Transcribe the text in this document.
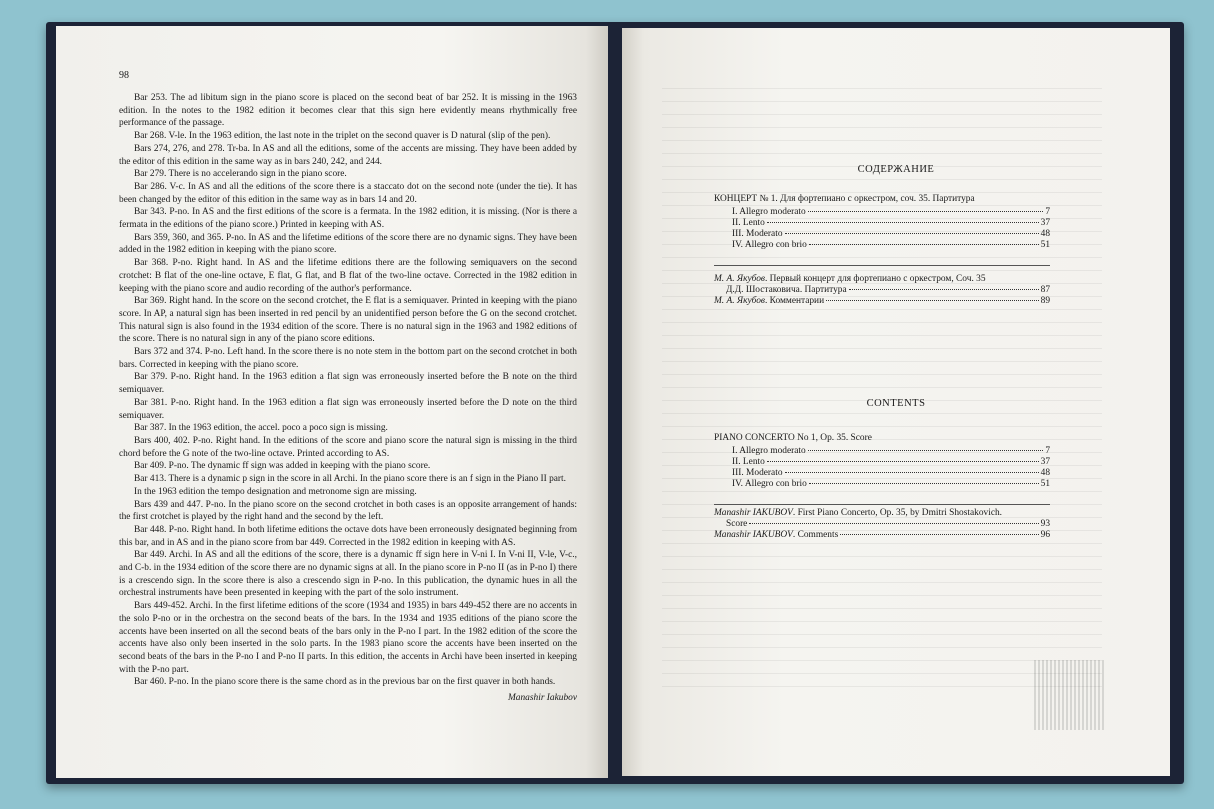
98

Bar 253. The ad libitum sign in the piano score is placed on the second beat of bar 252. It is missing in the 1963 edition. In the notes to the 1982 edition it becomes clear that this sign here evidently means rhythmically free performance of the passage.

Bar 268. V-le. In the 1963 edition, the last note in the triplet on the second quaver is D natural (slip of the pen).

Bars 274, 276, and 278. Tr-ba. In AS and all the editions, some of the accents are missing. They have been added by the editor of this edition in the same way as in bars 240, 242, and 244.

Bar 279. There is no accelerando sign in the piano score.

Bar 286. V-c. In AS and all the editions of the score there is a staccato dot on the second note (under the tie). It has been changed by the editor of this edition in the same way as in bars 14 and 20.

Bar 343. P-no. In AS and the first editions of the score is a fermata. In the 1982 edition, it is missing. (Nor is there a fermata in the editions of the piano score.) Printed in keeping with AS.

Bars 359, 360, and 365. P-no. In AS and the lifetime editions of the score there are no dynamic signs. They have been added in the 1982 edition in keeping with the piano score.

Bar 368. P-no. Right hand. In AS and the lifetime editions there are the following semiquavers on the second crotchet: B flat of the one-line octave, E flat, G flat, and B flat of the two-line octave. Corrected in the 1982 edition in keeping with the piano score and audio recording of the author's performance.

Bar 369. Right hand. In the score on the second crotchet, the E flat is a semiquaver. Printed in keeping with the piano score. In AP, a natural sign has been inserted in red pencil by an unidentified person before the G on the second crotchet. This natural sign is also found in the 1934 edition of the score. There is no natural sign in the 1963 and 1982 editions of the score. There is no natural sign in any of the piano score editions.

Bars 372 and 374. P-no. Left hand. In the score there is no note stem in the bottom part on the second crotchet in both bars. Corrected in keeping with the piano score.

Bar 379. P-no. Right hand. In the 1963 edition a flat sign was erroneously inserted before the B note on the third semiquaver.

Bar 381. P-no. Right hand. In the 1963 edition a flat sign was erroneously inserted before the D note on the third semiquaver.

Bar 387. In the 1963 edition, the accel. poco a poco sign is missing.

Bars 400, 402. P-no. Right hand. In the editions of the score and piano score the natural sign is missing in the third chord before the G note of the two-line octave. Printed according to AS.

Bar 409. P-no. The dynamic ff sign was added in keeping with the piano score.

Bar 413. There is a dynamic p sign in the score in all Archi. In the piano score there is an f sign in the Piano II part.

In the 1963 edition the tempo designation and metronome sign are missing.

Bars 439 and 447. P-no. In the piano score on the second crotchet in both cases is an opposite arrangement of hands: the first crotchet is played by the right hand and the second by the left.

Bar 448. P-no. Right hand. In both lifetime editions the octave dots have been erroneously designated beginning from this bar, and in AS and in the piano score from bar 449. Corrected in the 1982 edition in keeping with AS.

Bar 449. Archi. In AS and all the editions of the score, there is a dynamic ff sign here in V-ni I. In V-ni II, V-le, V-c., and C-b. in the 1934 edition of the score there are no dynamic signs at all. In the piano score in P-no II (as in P-no I) there is a crescendo sign. In the score there is also a crescendo sign in P-no. In this publication, the dynamic hues in all the orchestral instruments have been presented in keeping with the part of the solo instrument.

Bars 449-452. Archi. In the first lifetime editions of the score (1934 and 1935) in bars 449-452 there are no accents in the solo P-no or in the orchestra on the second beats of the bars. In the 1934 and 1935 editions of the piano score the accents have been inserted on all the second beats of the bars only in the P-no I part. In the 1982 edition of the score the accents have also only been inserted in the solo parts. In the 1983 piano score the accents have been inserted on the second beats of the bars in the P-no I and P-no II parts. In this edition, the accents in Archi have been inserted in keeping with the P-no part.

Bar 460. P-no. In the piano score there is the same chord as in the previous bar on the first quaver in both hands.

Manashir Iakubov

СОДЕРЖАНИЕ
КОНЦЕРТ № 1. Для фортепиано с оркестром, соч. 35. Партитура
I. Allegro moderato	7
II. Lento	37
III. Moderato	48
IV. Allegro con brio	51
М. А. Якубов. Первый концерт для фортепиано с оркестром, Соч. 35
Д.Д. Шостаковича. Партитура	87
М. А. Якубов. Комментарии	89
CONTENTS
PIANO CONCERTO No 1, Op. 35. Score
I. Allegro moderato	7
II. Lento	37
III. Moderato	48
IV. Allegro con brio	51
Manashir IAKUBOV. First Piano Concerto, Op. 35, by Dmitri Shostakovich.
Score	93
Manashir IAKUBOV. Comments	96
